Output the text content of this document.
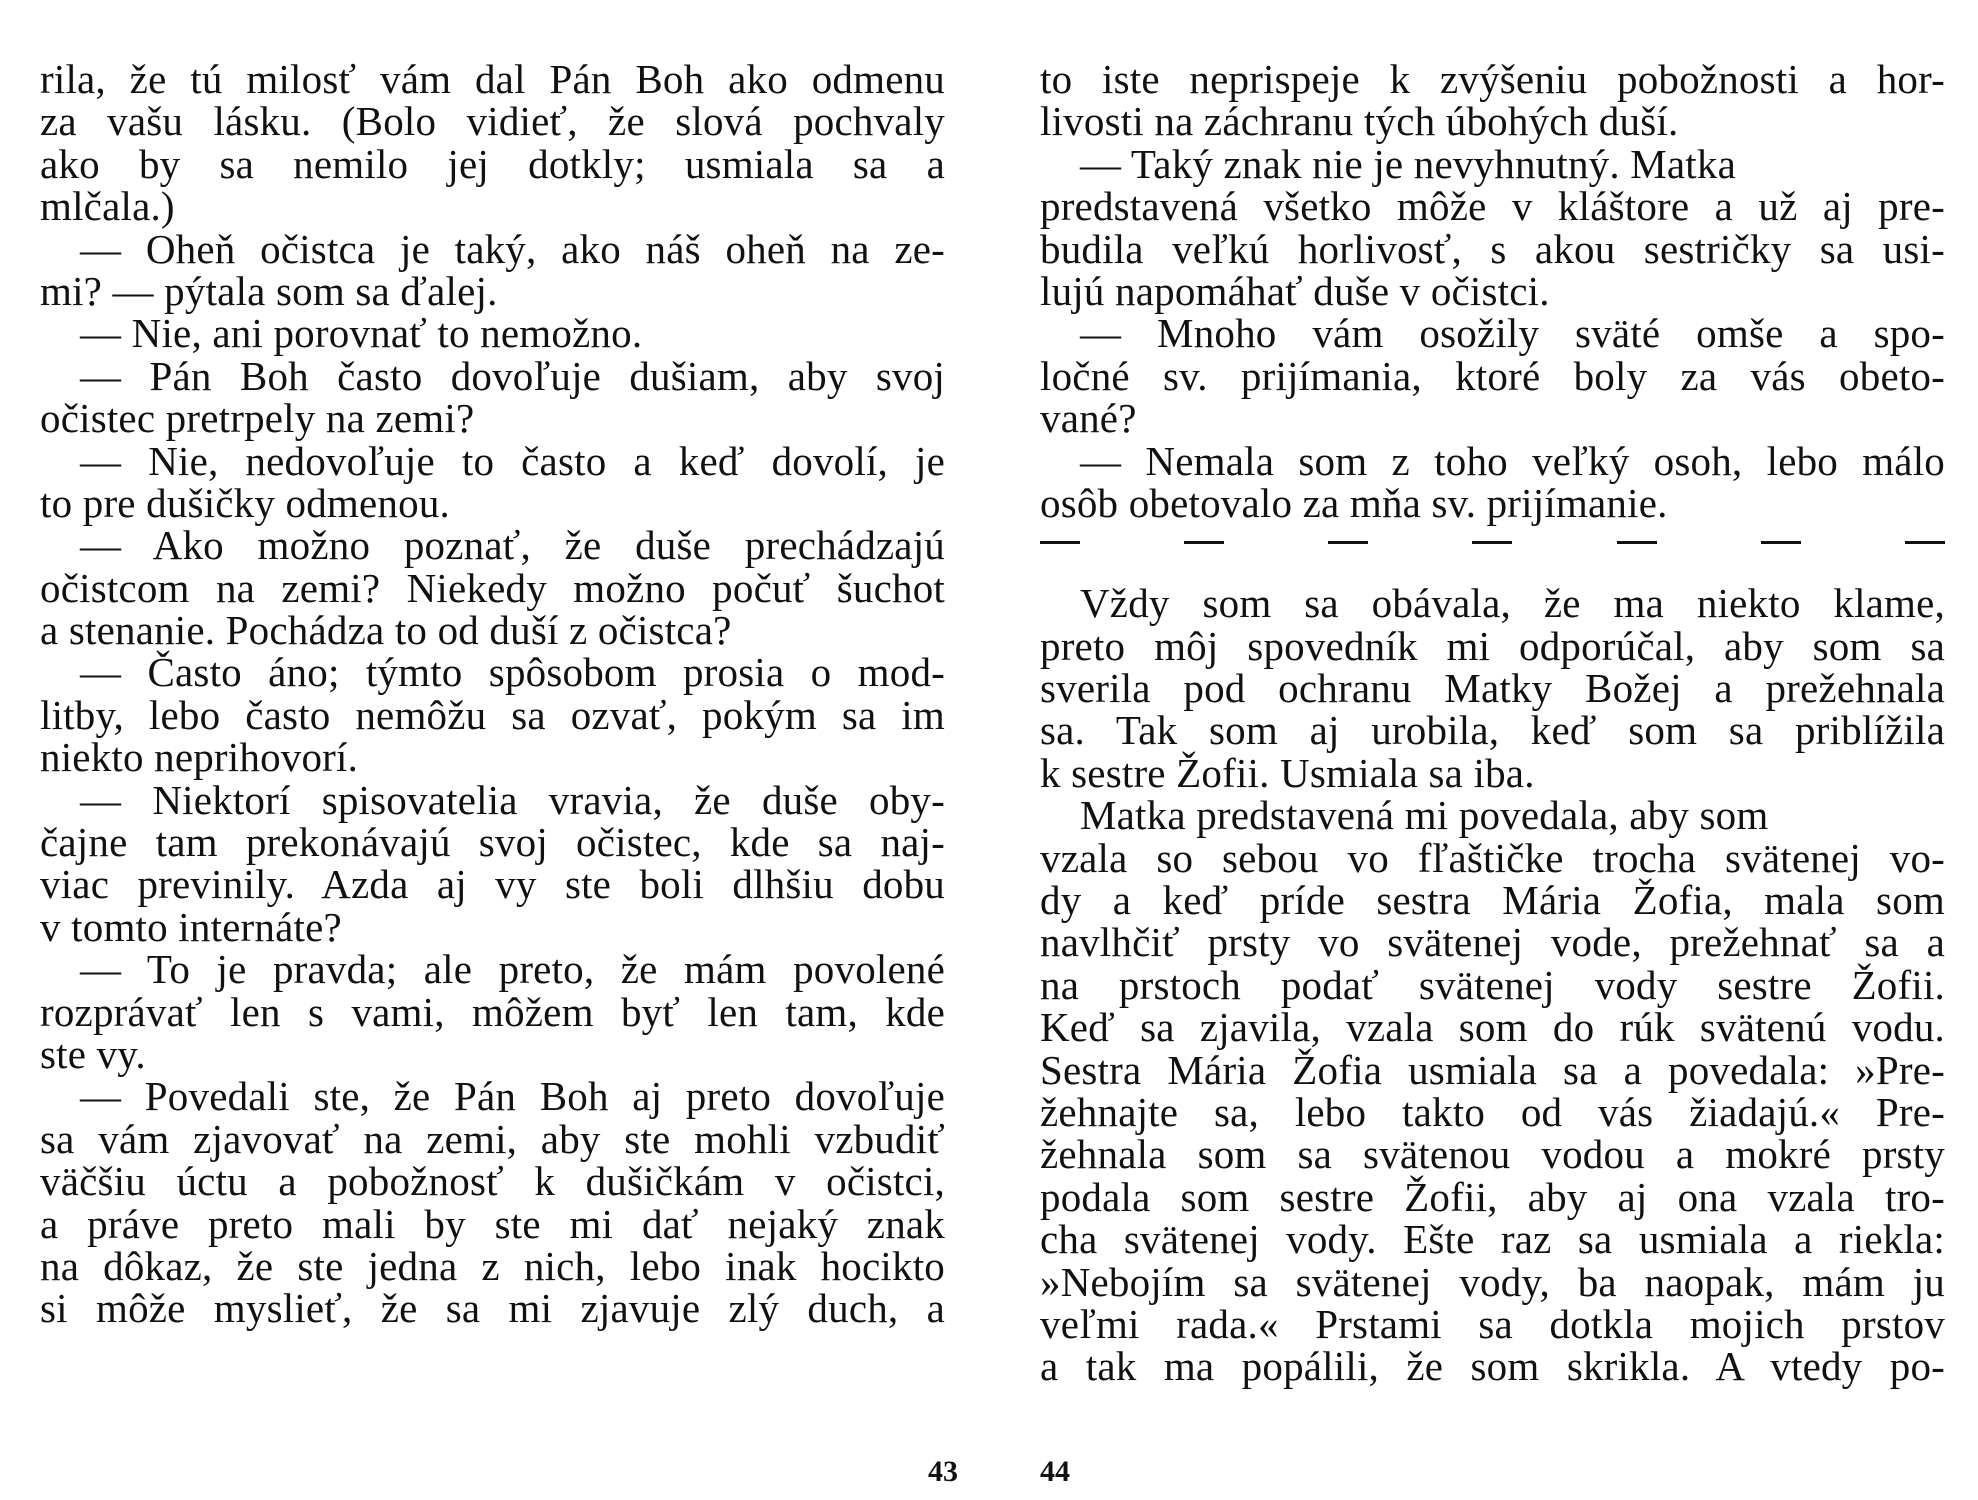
rila, že tú milosť vám dal Pán Boh ako odmenu
za vašu lásku. (Bolo vidieť, že slová pochvaly
ako by sa nemilo jej dotkly; usmiala sa a
mlčala.)
— Oheň očistca je taký, ako náš oheň na ze-
mi? — pýtala som sa ďalej.
— Nie, ani porovnať to nemožno.
— Pán Boh často dovoľuje dušiam, aby svoj
očistec pretrpely na zemi?
— Nie, nedovoľuje to často a keď dovolí, je
to pre dušičky odmenou.
— Ako možno poznať, že duše prechádzajú
očistcom na zemi? Niekedy možno počuť šuchot
a stenanie. Pochádza to od duší z očistca?
— Často áno; týmto spôsobom prosia o mod-
litby, lebo často nemôžu sa ozvať, pokým sa im
niekto neprihovorí.
— Niektorí spisovatelia vravia, že duše oby-
čajne tam prekonávajú svoj očistec, kde sa naj-
viac previnily. Azda aj vy ste boli dlhšiu dobu
v tomto internáte?
— To je pravda; ale preto, že mám povolené
rozprávať len s vami, môžem byť len tam, kde
ste vy.
— Povedali ste, že Pán Boh aj preto dovoľuje
sa vám zjavovať na zemi, aby ste mohli vzbudiť
väčšiu úctu a pobožnosť k dušičkám v očistci,
a práve preto mali by ste mi dať nejaký znak
na dôkaz, že ste jedna z nich, lebo inak hocikto
si môže myslieť, že sa mi zjavuje zlý duch, a
43
to iste neprispeje k zvýšeniu pobožnosti a hor-
livosti na záchranu tých úbohých duší.
— Taký znak nie je nevyhnutný. Matka
predstavená všetko môže v kláštore a už aj pre-
budila veľkú horlivosť, s akou sestričky sa usi-
lujú napomáhať duše v očistci.
— Mnoho vám osožily sväté omše a spo-
ločné sv. prijímania, ktoré boly za vás obeto-
vané?
— Nemala som z toho veľký osoh, lebo málo
osôb obetovalo za mňa sv. prijímanie.
Vždy som sa obávala, že ma niekto klame,
preto môj spovedník mi odporúčal, aby som sa
sverila pod ochranu Matky Božej a prežehnala
sa. Tak som aj urobila, keď som sa priblížila
k sestre Žofii. Usmiala sa iba.
Matka predstavená mi povedala, aby som
vzala so sebou vo fľaštičke trocha svätenej vo-
dy a keď príde sestra Mária Žofia, mala som
navlhčiť prsty vo svätenej vode, prežehnať sa a
na prstoch podať svätenej vody sestre Žofii.
Keď sa zjavila, vzala som do rúk svätenú vodu.
Sestra Mária Žofia usmiala sa a povedala: »Pre-
žehnajte sa, lebo takto od vás žiadajú.« Pre-
žehnala som sa svätenou vodou a mokré prsty
podala som sestre Žofii, aby aj ona vzala tro-
cha svätenej vody. Ešte raz sa usmiala a riekla:
»Nebojím sa svätenej vody, ba naopak, mám ju
veľmi rada.« Prstami sa dotkla mojich prstov
a tak ma popálili, že som skrikla. A vtedy po-
44
